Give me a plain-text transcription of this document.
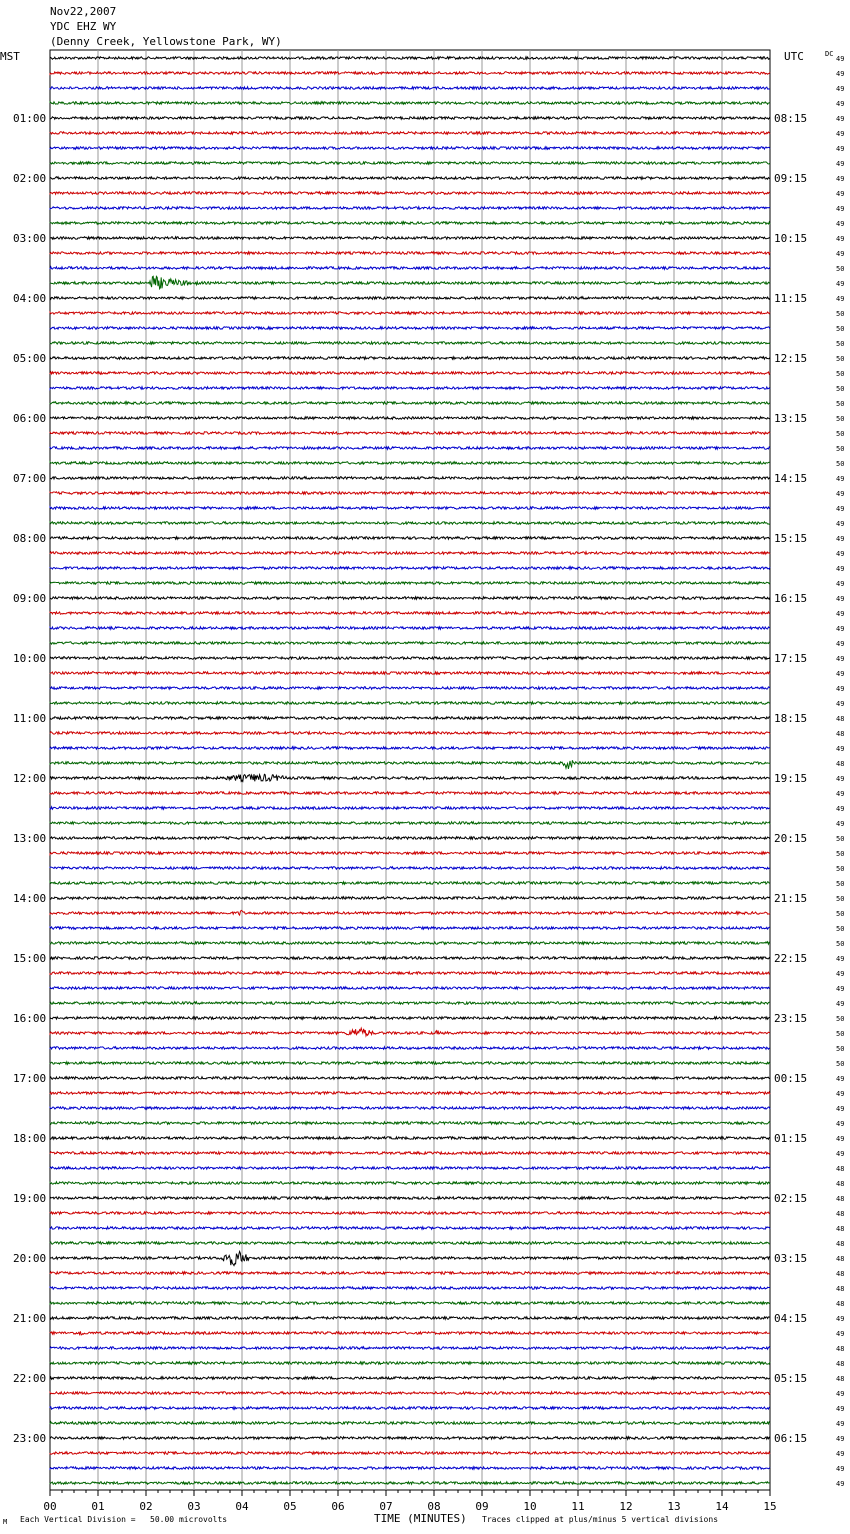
Nov22,2007
YDC EHZ WY
(Denny Creek, Yellowstone Park, WY)
MST	UTC	DC
01:00	08:15
02:00	09:15
03:00	10:15
04:00	11:15
05:00	12:15
06:00	13:15
07:00	14:15
08:00	15:15
09:00	16:15
10:00	17:15
11:00	18:15
12:00	19:15
13:00	20:15
14:00	21:15
15:00	22:15
16:00	23:15
17:00	00:15
18:00	01:15
19:00	02:15
20:00	03:15
21:00	04:15
22:00	05:15
23:00	06:15
49
49
49
49
49
49
49
49
49
49
49
49
49
49
50
49
49
50
50
50
50
50
50
50
50
50
50
50
49
49
49
49
49
49
49
49
49
49
49
49
49
49
49
49
48
48
49
48
49
49
49
49
50
50
50
50
50
50
50
50
49
49
49
49
50
50
50
50
49
49
49
49
49
49
48
48
48
48
48
48
48
48
48
48
49
49
48
48
48
49
49
49
49
49
49
49
00	01	02	03	04	05	06	07	08	09	10	11	12	13	14	15
M Each Vertical Division =   50.00 microvolts	TIME (MINUTES) Traces clipped at plus/minus 5 vertical divisions
